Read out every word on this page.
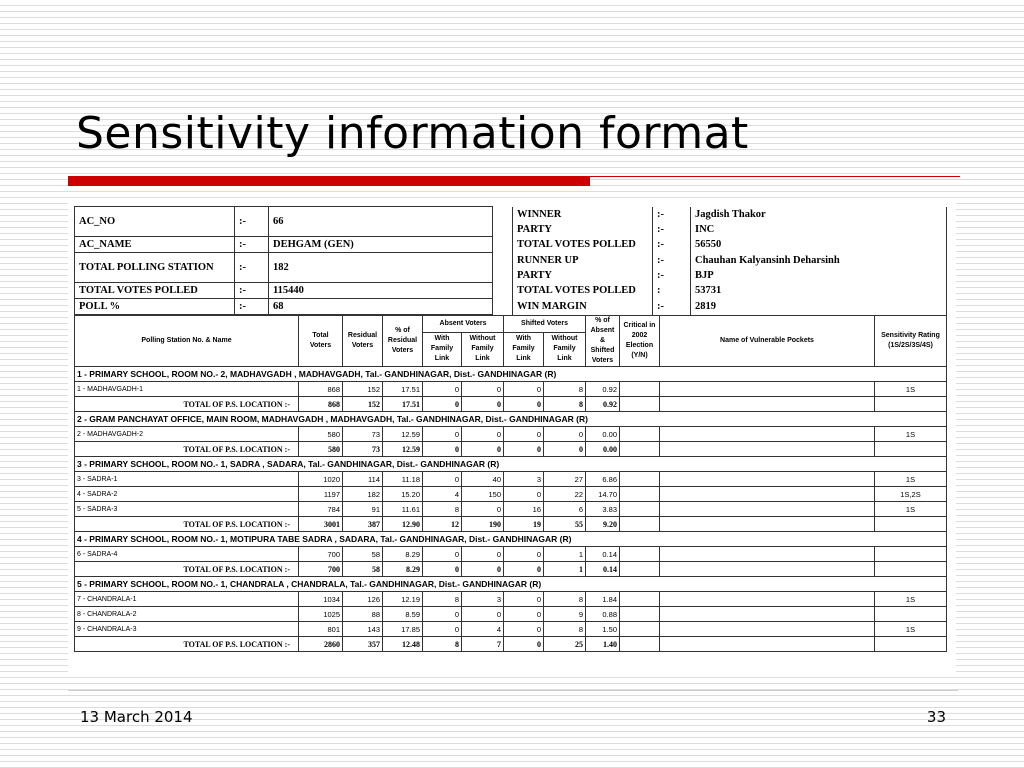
Sensitivity information format
AC_NO	:-	66		WINNER	:-	Jagdish Thakor
				PARTY	:-	INC
AC_NAME	:-	DEHGAM (GEN)		TOTAL VOTES POLLED	:-	56550
TOTAL POLLING STATION	:-	182		RUNNER UP	:-	Chauhan Kalyansinh Deharsinh
				PARTY	:-	BJP
TOTAL VOTES POLLED	:-	115440		TOTAL VOTES POLLED	:	53731
POLL %	:-	68		WIN MARGIN	:-	2819
Polling Station No. & Name	Total Voters	Residual Voters	% of Residual Voters	Absent Voters		Shifted Voters		% of Absent & Shifted Voters	Critical in 2002 Election (Y/N)	Name of Vulnerable Pockets	Sensitivity Rating (1S/2S/3S/4S)
				With Family Link	Without Family Link	With Family Link	Without Family Link				
1 - PRIMARY SCHOOL, ROOM NO.- 2, MADHAVGADH , MADHAVGADH, Tal.- GANDHINAGAR, Dist.- GANDHINAGAR (R)											
1 - MADHAVGADH-1	868	152	17.51	0	0	0	8	0.92			1S
TOTAL OF P.S. LOCATION :-	868	152	17.51	0	0	0	8	0.92			
2 - GRAM PANCHAYAT OFFICE, MAIN ROOM, MADHAVGADH , MADHAVGADH, Tal.- GANDHINAGAR, Dist.- GANDHINAGAR (R)											
2 - MADHAVGADH-2	580	73	12.59	0	0	0	0	0.00			1S
TOTAL OF P.S. LOCATION :-	580	73	12.59	0	0	0	0	0.00			
3 - PRIMARY SCHOOL, ROOM NO.- 1, SADRA , SADARA, Tal.- GANDHINAGAR, Dist.- GANDHINAGAR (R)											
3 - SADRA-1	1020	114	11.18	0	40	3	27	6.86			1S
4 - SADRA-2	1197	182	15.20	4	150	0	22	14.70			1S,2S
5 - SADRA-3	784	91	11.61	8	0	16	6	3.83			1S
TOTAL OF P.S. LOCATION :-	3001	387	12.90	12	190	19	55	9.20			
4 - PRIMARY SCHOOL, ROOM NO.- 1, MOTIPURA TABE SADRA , SADARA, Tal.- GANDHINAGAR, Dist.- GANDHINAGAR (R)											
6 - SADRA-4	700	58	8.29	0	0	0	1	0.14			
TOTAL OF P.S. LOCATION :-	700	58	8.29	0	0	0	1	0.14			
5 - PRIMARY SCHOOL, ROOM NO.- 1, CHANDRALA , CHANDRALA, Tal.- GANDHINAGAR, Dist.- GANDHINAGAR (R)											
7 - CHANDRALA-1	1034	126	12.19	8	3	0	8	1.84			1S
8 - CHANDRALA-2	1025	88	8.59	0	0	0	9	0.88			
9 - CHANDRALA-3	801	143	17.85	0	4	0	8	1.50			1S
TOTAL OF P.S. LOCATION :-	2860	357	12.48	8	7	0	25	1.40			
13 March 2014	33
